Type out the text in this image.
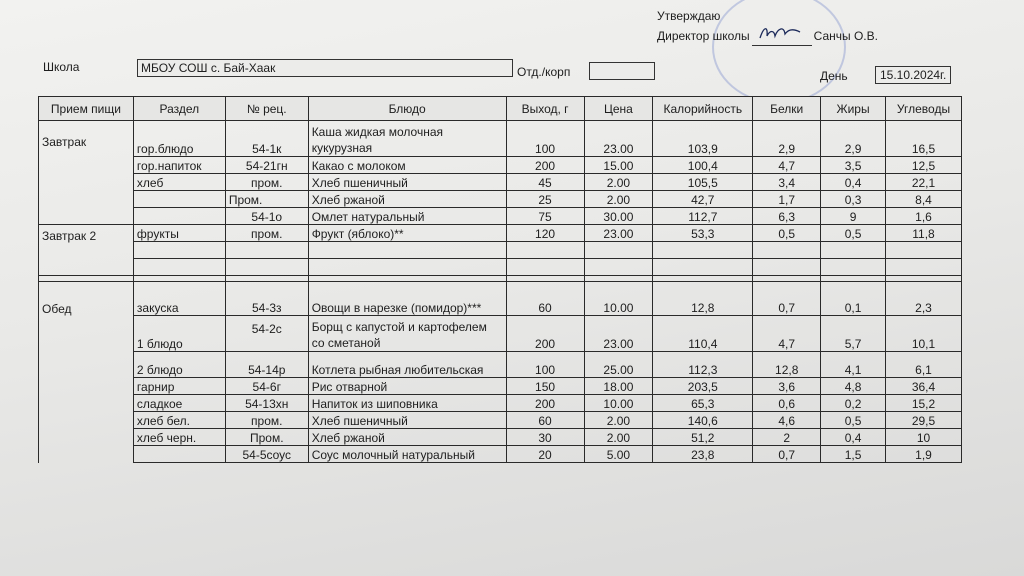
Утверждаю
Директор школы	Санчы О.В.
Школа	МБОУ СОШ с. Бай-Хаак	Отд./корп	День	15.10.2024г.
Прием пищи	Раздел	№ рец.	Блюдо	Выход, г	Цена	Калорийность	Белки	Жиры	Углеводы
Завтрак	гор.блюдо	54-1к	Каша жидкая молочная
кукурузная	100	23.00	103,9	2,9	2,9	16,5
	гор.напиток	54-21гн	Какао с молоком	200	15.00	100,4	4,7	3,5	12,5
	хлеб	пром.	Хлеб пшеничный	45	2.00	105,5	3,4	0,4	22,1
		Пром.	Хлеб ржаной	25	2.00	42,7	1,7	0,3	8,4
		54-1о	Омлет натуральный	75	30.00	112,7	6,3	9	1,6
Завтрак 2	фрукты	пром.	Фрукт (яблоко)**	120	23.00	53,3	0,5	0,5	11,8

Обед	закуска	54-3з	Овощи в нарезке (помидор)***	60	10.00	12,8	0,7	0,1	2,3
	1 блюдо	54-2с	Борщ с капустой и картофелем
со сметаной	200	23.00	110,4	4,7	5,7	10,1
	2 блюдо	54-14р	Котлета рыбная любительская	100	25.00	112,3	12,8	4,1	6,1
	гарнир	54-6г	Рис отварной	150	18.00	203,5	3,6	4,8	36,4
	сладкое	54-13хн	Напиток из шиповника	200	10.00	65,3	0,6	0,2	15,2
	хлеб бел.	пром.	Хлеб пшеничный	60	2.00	140,6	4,6	0,5	29,5
	хлеб черн.	Пром.	Хлеб ржаной	30	2.00	51,2	2	0,4	10
		54-5соус	Соус молочный натуральный	20	5.00	23,8	0,7	1,5	1,9
